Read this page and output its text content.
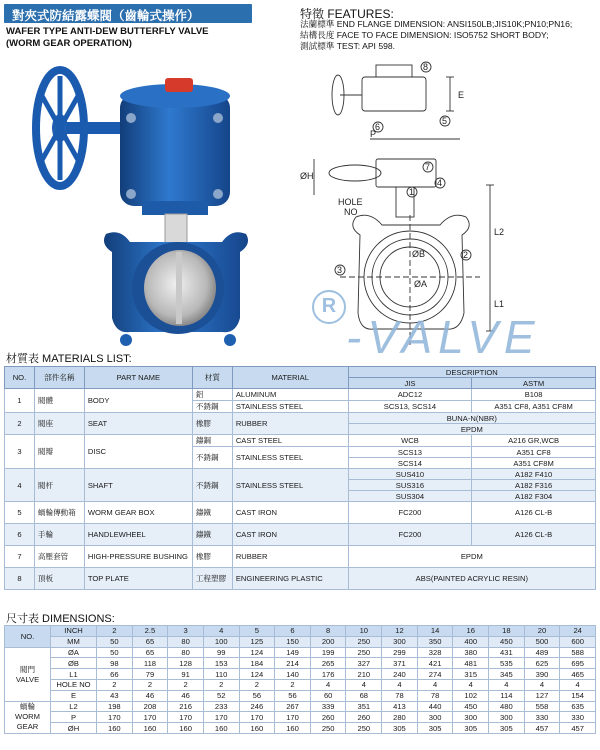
對夾式防結露蝶閥（齒輪式操作）
WAFER TYPE ANTI-DEW BUTTERFLY VALVE
(WORM GEAR OPERATION)
特徵 FEATURES:
法蘭標準 END FLANGE DIMENSION: ANSI150LB;JIS10K;PN10;PN16;
結構長度 FACE TO FACE DIMENSION: ISO5752 SHORT BODY;
測試標準 TEST: API 598.
E
P
ØH
HOLE
NO
L2
L1
ØB
ØA
8
5
6
4
7
2
3
1
R
-VALVE
材質表 MATERIALS LIST:
NO.	部件名稱	PART NAME	材質	MATERIAL	DESCRIPTION	
					JIS	ASTM
1	閥體	BODY	鋁	ALUMINUM	ADC12	B108
			不銹鋼	STAINLESS STEEL	SCS13, SCS14	A351 CF8, A351 CF8M
2	閥座	SEAT	橡膠	RUBBER	BUNA-N(NBR)	
					EPDM	
3	閥瓣	DISC	鑄鋼	CAST STEEL	WCB	A216 GR,WCB
			不銹鋼	STAINLESS STEEL	SCS13	A351 CF8
					SCS14	A351 CF8M
4	閥杆	SHAFT	不銹鋼	STAINLESS STEEL	SUS410	A182 F410
					SUS316	A182 F316
					SUS304	A182 F304
5	蝸輪傳動箱	WORM GEAR BOX	鑄鐵	CAST IRON	FC200	A126 CL-B
6	手輪	HANDLEWHEEL	鑄鐵	CAST IRON	FC200	A126 CL-B
7	高壓套管	HIGH-PRESSURE BUSHING	橡膠	RUBBER	EPDM	
8	頂板	TOP PLATE	工程塑膠	ENGINEERING PLASTIC	ABS(PAINTED ACRYLIC RESIN)	
尺寸表 DIMENSIONS:
NO.	INCH	2	2.5	3	4	5	6	8	10	12	14	16	18	20	24
	MM	50	65	80	100	125	150	200	250	300	350	400	450	500	600

閥門
VALVE	ØA	50	65	80	99	124	149	199	250	299	328	380	431	489	588
	ØB	98	118	128	153	184	214	265	327	371	421	481	535	625	695
	L1	66	79	91	110	124	140	176	210	240	274	315	345	390	465
	HOLE NO	2	2	2	2	2	2	4	4	4	4	4	4	4	4
	E	43	46	46	52	56	56	60	68	78	78	102	114	127	154

蝸輪
WORM
GEAR	L2	198	208	216	233	246	267	339	351	413	440	450	480	558	635
	P	170	170	170	170	170	170	260	260	280	300	300	300	330	330
	ØH	160	160	160	160	160	160	250	250	305	305	305	305	457	457
